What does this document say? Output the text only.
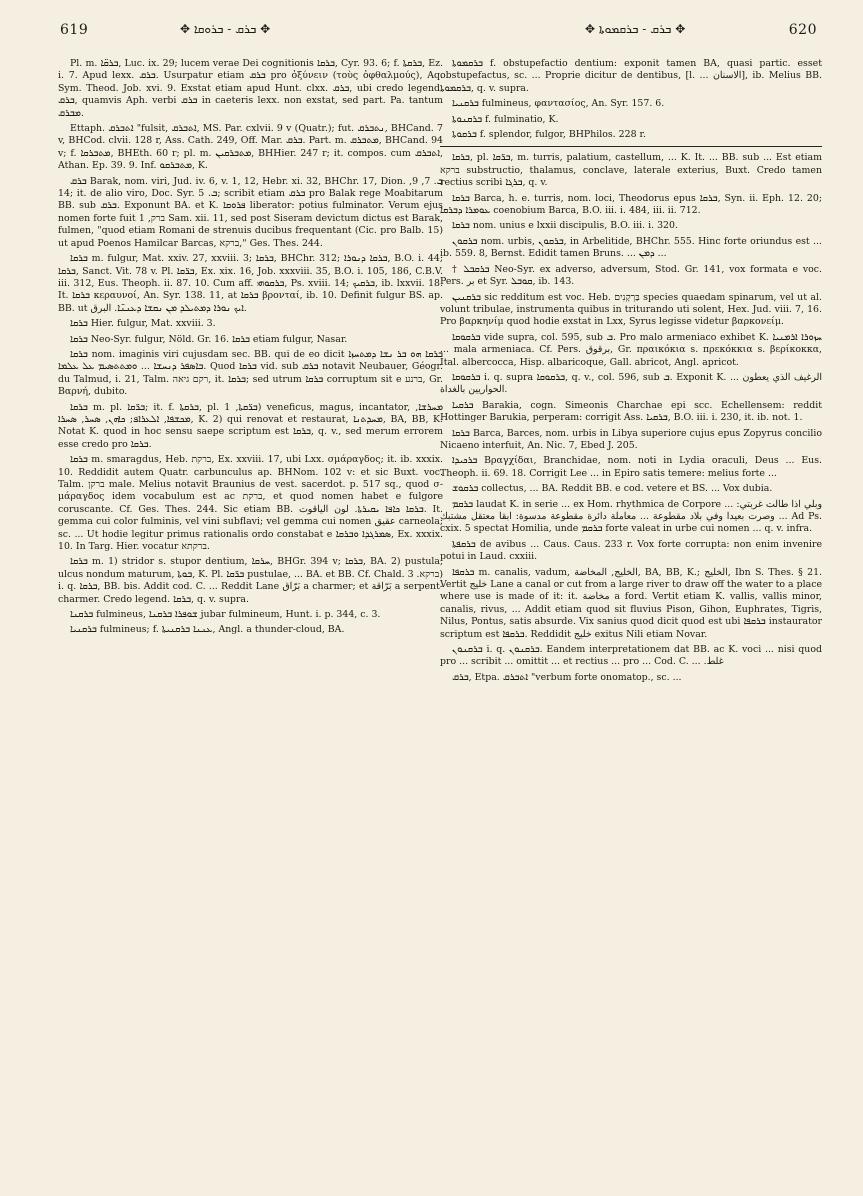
619	✥ ܒܪܩ - ܒܪܘܩܐ ✥	✥ ܒܪܩ - ܒܪܩܡܘܬܐ ✥	620

Pl. m. ܒܪܩ̈ܐ, Luc. ix. 29; lucem verae Dei cognitionis ܒܪܩܐ, Cyr. 93. 6; f. ܒܪܩܬܐ, Ez. i. 7. Apud lexx. ܒܪܩ. Usurpatur etiam ܒܪܩ pro ὀξύνειν (τοὺς ὀφθαλμούς), Aq. Sym. Theod. Job. xvi. 9. Exstat etiam apud Hunt. clxx. ܒܪܩ, ubi credo legend. ܒܪܩ, quamvis Aph. verbi ܒܪܩ in caeteris lexx. non exstat, sed part. Pa. tantum ܡܒܪܩ.

Ettaph. ܐܬܒܪܩ "fulsit, ܐܬܒܪܩ, MS. Par. cxlvii. 9 v (Quatr.); fut. ܢܬܒܪܩ, BHCand. 7 v, BHCod. clvii. 128 r, Ass. Cath. 249, Off. Mar. ܒܪܩ. Part. m. ܡܬܒܪܩ, BHCand. 94 v; f. ܡܬܒܪܩܐ, BHEth. 60 r; pl. m. ܡܬܒܪܩܝܢ, BHHier. 247 r; it. compos. cum ܐܬܒܪܩ, Athan. Ep. 39. 9. Inf. ܡܬܒܪܩܘ, K.

ܒܪܩ Barak, nom. viri, Jud. iv. 6, v. 1, 12, Hebr. xi. 32, BHChr. 17, Dion. ܒ. 7, 9, 14; it. de alio viro, Doc. Syr. ܒ. 5; scribit etiam ܒܪܩ pro Balak rege Moabitarum BB. sub ܒܪܩ. Exponunt BA. et K. ܦܪܘܩܐ liberator: potius fulminator. Verum ejus nomen forte fuit ברק, 1 Sam. xii. 11, sed post Siseram devictum dictus est Barak, fulmen, "quod etiam Romani de strenuis ducibus frequentant (Cic. pro Balb. 15) ut apud Poenos Hamilcar Barcas, ברקא," Ges. Thes. 244.

ܒܪܩܐ m. fulgur, Mat. xxiv. 27, xxviii. 3; ܒܪܩܐ, BHChr. 312; ܒܪܩܐ ܕܢܘܪܐ, B.O. i. 44; ܒܪܩܐ, Sanct. Vit. 78 v. Pl. ܒܪ̈ܩܐ, Ex. xix. 16, Job. xxxviii. 35, B.O. i. 105, 186, C.B.V. iii. 312, Eus. Theoph. ii. 87. 10. Cum aff. ܒܪܩܘܗܝ, Ps. xviii. 14; ܒܪܩܝܟ, ib. lxxvii. 18. It. ܒܪܩܐ κεραυνοί, An. Syr. 138. 11, at ܒܪܩܐ βρονταί, ib. 10. Definit fulgur BS. ap. BB. ut ܐܝܟ ܢܘܪܐ ܕܡܬܝܠܕ ܡܢ ܢܩܫܐ ܕܥܢܢ̈ܐ. البرق.

ܒܪܩܐ Hier. fulgur, Mat. xxviii. 3.

ܒܪܩܐ Neo-Syr. fulgur, Nöld. Gr. 16. ܒܪܩܐ etiam fulgur, Nasar.

ܒܪܩܐ nom. imaginis viri cujusdam sec. BB. qui de eo dicit ܒܪܩܐ ܗܘ ܒܪ ܢܫܐ ܕܡܬܚܙܐ ܒܐܣܦܪ ܕܢܚܫܐ ... ܘܡܬܬܣܝܡ ܥܠ ܥܠܡܐ. Quod ܒܪܩܐ vid. sub ܒܪܩ notavit Neubauer, Géogr. du Talmud, i. 21, Talm. רקם גיאה, it. ܒܪܩܐ; sed utrum ܒܪܩܐ corruptum sit e ברנע, Gr. Βαρνή, dubito.

ܒܪܩܐ m. pl. ܒܪ̈ܩܐ; it. f. ܒܪܩܬܐ, pl. ܒܪ̈ܩܬܐ, 1) veneficus, magus, incantator, ܡܚܪܫܐ, ܡܟܫܦܐ, ܐܠܥܪܐܦ; ܟܐܗܢ, ܣܚܪ, ܣܚܪܐ, K. 2) qui renovat et restaurat, ܡܚܕܬܢܐ, BA, BB, K. Notat K. quod in hoc sensu saepe scriptum est ܒܪܩܐ, q. v., sed merum errorem esse credo pro ܒܪܩܐ.

ܒܪܩܐ m. smaragdus, Heb. ברקת, Ex. xxviii. 17, ubi Lxx. σμάραγδος; it. ib. xxxix. 10. Reddidit autem Quatr. carbunculus ap. BHNom. 102 v: et sic Buxt. voc. Talm. ברקן male. Melius notavit Braunius de vest. sacerdot. p. 517 sq., quod σ-μάραγδος idem vocabulum est ac ברקת, et quod nomen habet e fulgore coruscante. Cf. Ges. Thes. 244. Sic etiam BB. ܒܪܩܐ ܟܐܦܐ ܝܩܝܪܬܐ. لون الياقوت. It. gemma cui color fulminis, vel vini subflavi; vel gemma cui nomen عقيق carneola; sc. ... Ut hodie legitur primus rationalis ordo constabat e ܣܡܪܓܕܐ ܘܒܪܩܐ, Ex. xxxix. 10. In Targ. Hier. vocatur ברקתא.

ܒܪܩܐ m. 1) stridor s. stupor dentium, ܚܪܩܐ, BHGr. 394 v; ܒܪܩܐ, BA. 2) pustula, ulcus nondum maturum, ܒܘܬܐ, K. Pl. ܒܪ̈ܩܐ pustulae, ... BA. et BB. Cf. Chald. ברקא. 3) i. q. ܒܪܩܐ, BB. bis. Addit cod. C. ... Reddit Lane بَرّاق a charmer; et بَرّاقة a serpent-charmer. Credo legend. ܒܪܩܐ, q. v. supra.

ܒܪܩܢܐ fulmineus, ܫܘܦܪܐ ܒܪܩܢܐ jubar fulmineum, Hunt. i. p. 344, c. 3.

ܒܪܩܢܝܐ fulmineus; f. ܥܢܢܐ ܒܪܩܢܝܬܐ, Angl. a thunder-cloud, BA.

ܒܪܩܡܘܬܐ f. obstupefactio dentium: exponit tamen BA, quasi partic. esset obstupefactus, sc. ... Proprie dicitur de dentibus, [l. ... الاسنان], ib. Melius BB. ܒܪܩܡܘܬܐ, q. v. supra.

ܒܪܩܢܝܐ fulmineus, φαντασίος, An. Syr. 157. 6.

ܒܪܩܢܘܬܐ f. fulminatio, K.

ܒܪܩܘܬܐ f. splendor, fulgor, BHPhilos. 228 r.

ܒܪܩܐ, pl. ܒܪ̈ܩܐ, m. turris, palatium, castellum, ... K. It. ... BB. sub ... Est etiam ברקא substructio, thalamus, conclave, laterale exterius, Buxt. Credo tamen rectius scribi ܒܪܓܐ, q. v.

ܒܪܩܐ Barca, h. e. turris, nom. loci, Theodorus epus ܒܪܩܐ, Syn. ii. Eph. 12. 20; ܥܘܡܪܐ ܕܒܪܩܐ coenobium Barca, B.O. iii. i. 484, iii. ii. 712.

ܒܪܩܐ nom. unius e lxxii discipulis, B.O. iii. i. 320.

ܒܪܩܘܢ nom. urbis, ܒܪܩܘܢ, in Arbelitide, BHChr. 555. Hinc forte oriundus est ... ib. 559. 8, Bernst. Edidit tamen Bruns. ... ܕܡܢ ...

† ܒܪܩܒܠ Neo-Syr. ex adverso, adversum, Stod. Gr. 141, vox formata e voc. Pers. بر et Syr. ܩܘܒܠ, ib. 143.

ܒܪܩܢܝܢ sic redditum est voc. Heb. בַּרְקָנִים species quaedam spinarum, vel ut al. volunt tribulae, instrumenta quibus in triturando uti solent, Hex. Jud. viii. 7, 16. Pro βαρκηνίμ quod hodie exstat in Lxx, Syrus legisse videtur βαρκονείμ.

ܒܪܩܘܩܐ vide supra, col. 595, sub ܒ. Pro malo armeniaco exhibet K. ܚܙܘܪܐ ܐܪܡܢܝܐ ... mala armeniaca. Cf. Pers. برقوق, Gr. πραικόκια s. πρεκόκκια s. βερίκοκκα, Ital. albercocca, Hisp. albaricoque, Gall. abricot, Angl. apricot.

ܒܪܩܘܩܐ i. q. supra ܒܪܩܘܩܐ, q. v., col. 596, sub ܒ. Exponit K. ... الرغيف الذي يعطون الحواريين بالغداة.

ܒܪܩܝܐ Barakia, cogn. Simeonis Charchae epi scc. Echellensem: reddit Hottinger Barukia, perperam: corrigit Ass. ܒܪܩܝܐ, B.O. iii. i. 230, it. ib. not. 1.

ܒܪܩܐ Barca, Barces, nom. urbis in Libya superiore cujus epus Zopyrus concilio Nicaeno interfuit, An. Nic. 7, Ebed J. 205.

ܒܪܟܝܕܐ Βραγχίδαι, Branchidae, nom. noti in Lydia oraculi, Deus ... Eus. Theoph. ii. 69. 18. Corrigit Lee ... in Epiro satis temere: melius forte ...

ܒܪܩܘܫ collectus, ... BA. Reddit BB. e cod. vetere et BS. ... Vox dubia.

ܒܪܩܡ laudat K. in serie ... ex Hom. rhythmica de Corpore ... وبلي اذا طالت غربتي: وصرت بعيدا وفي بلاد مقطوعة ... معاملة دائرة مقطوعة مدسوة: ابقا معتقل مشتبك ... Ad Ps. cxix. 5 spectat Homilia, unde ܒܪܩܡ forte valeat in urbe cui nomen ... q. v. infra.

ܒܪܩܦܬܐ de avibus ... Caus. Caus. 233 r. Vox forte corrupta: non enim invenire potui in Laud. cxxiii.

ܒܪܩܦܐ m. canalis, vadum, الخليج, المخاضة, BA, BB, K.; الخليج, Ibn S. Thes. § 21. Vertit خليج Lane a canal or cut from a large river to draw off the water to a place where use is made of it: it. مخاضة a ford. Vertit etiam K. vallis, vallis minor, canalis, rivus, ... Addit etiam quod sit fluvius Pison, Gihon, Euphrates, Tigris, Nilus, Pontus, satis absurde. Vix sanius quod dicit quod est ubi ܒܪܩܦܐ instaurator scriptum est ܒܪܩܦܐ. Reddidit خليج exitus Nili etiam Novar.

ܒܪܩܢܘܢ i. q. ܒܪܩܢܘܢ. Eandem interpretationem dat BB. ac K. voci ... nisi quod pro ... scribit ... omittit ... et rectius ... pro ... Cod. C. ... .غلط

ܒܪܩ, Etpa. ܐܬܒܪܩ "verbum forte onomatop., sc. ...
